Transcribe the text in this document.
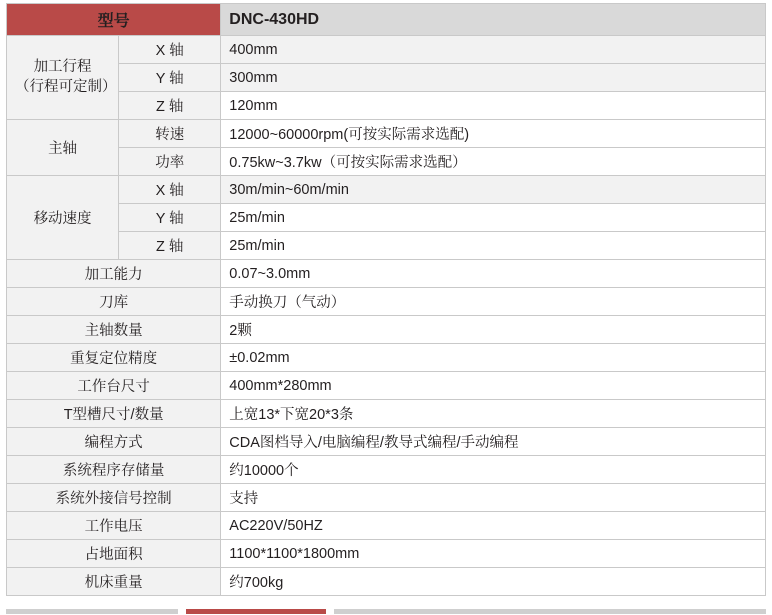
型号		DNC-430HD

加工行程
（行程可定制）	X 轴	400mm
	Y 轴	300mm
	Z 轴	120mm
主轴	转速	12000~60000rpm(可按实际需求选配)
	功率	0.75kw~3.7kw（可按实际需求选配）
移动速度	X 轴	30m/min~60m/min
	Y 轴	25m/min
	Z 轴	25m/min
加工能力		0.07~3.0mm
刀库		手动换刀（气动）
主轴数量		2颗
重复定位精度		±0.02mm
工作台尺寸		400mm*280mm
T型槽尺寸/数量		上宽13*下宽20*3条
编程方式		CDA图档导入/电脑编程/教导式编程/手动编程
系统程序存储量		约10000个
系统外接信号控制		支持
工作电压		AC220V/50HZ
占地面积		1100*1100*1800mm
机床重量		约700kg
